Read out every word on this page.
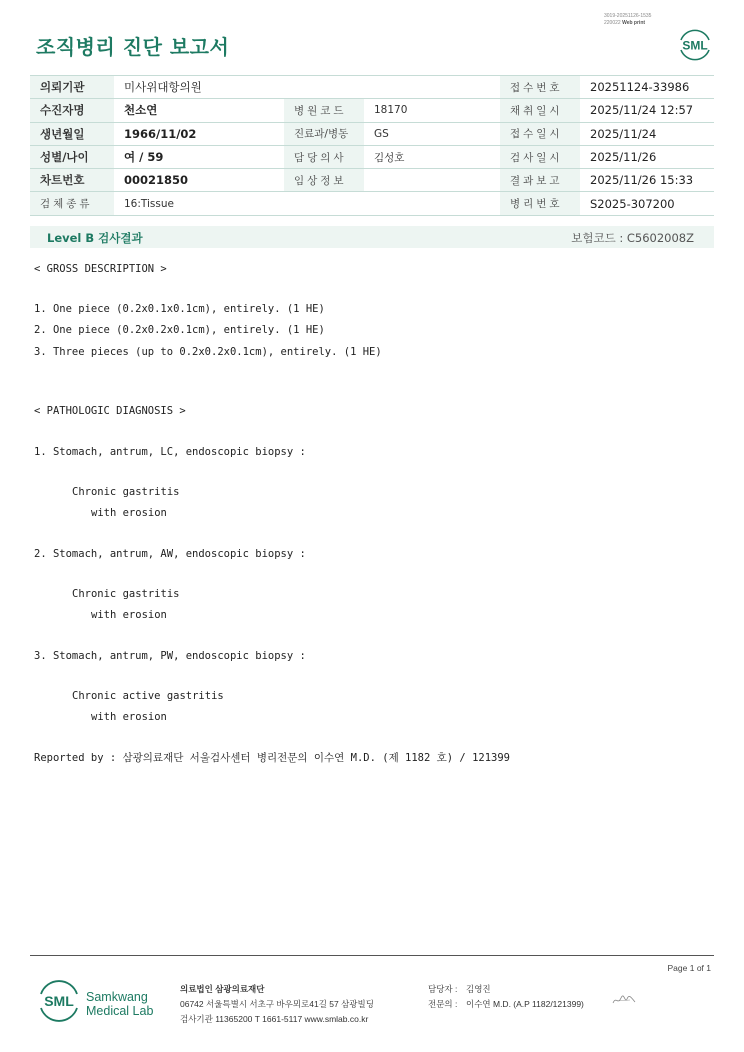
3019-20251126-1535
220022 Web print
조직병리 진단 보고서	SML
의뢰기관	미사위대항의원			접수번호	20251124-33986
수진자명	천소연	병원코드	18170	채취일시	2025/11/24 12:57
생년월일	1966/11/02	진료과/병동	GS	접수일시	2025/11/24
성별/나이	여 / 59	담당의사	김성호	검사일시	2025/11/26
차트번호	00021850	임상정보		결과보고	2025/11/26 15:33
검체종류	16:Tissue			병리번호	S2025-307200
Level B 검사결과	보험코드 : C5602008Z
< GROSS DESCRIPTION >
1. One piece (0.2x0.1x0.1cm), entirely. (1 HE)
2. One piece (0.2x0.2x0.1cm), entirely. (1 HE)
3. Three pieces (up to 0.2x0.2x0.1cm), entirely. (1 HE)
< PATHOLOGIC DIAGNOSIS >
1. Stomach, antrum, LC, endoscopic biopsy :
Chronic gastritis
with erosion
2. Stomach, antrum, AW, endoscopic biopsy :
Chronic gastritis
with erosion
3. Stomach, antrum, PW, endoscopic biopsy :
Chronic active gastritis
with erosion
Reported by : 삼광의료재단 서울검사센터 병리전문의 이수연 M.D. (제 1182 호) / 121399
Page 1 of 1
SML Samkwang
Medical Lab
의료법인 삼광의료재단
06742 서울특별시 서초구 바우뫼로41길 57 삼광빌딩
검사기관 11365200 T 1661-5117 www.smlab.co.kr
담당자 : 김영진
전문의 : 이수연 M.D. (A.P 1182/121399)
